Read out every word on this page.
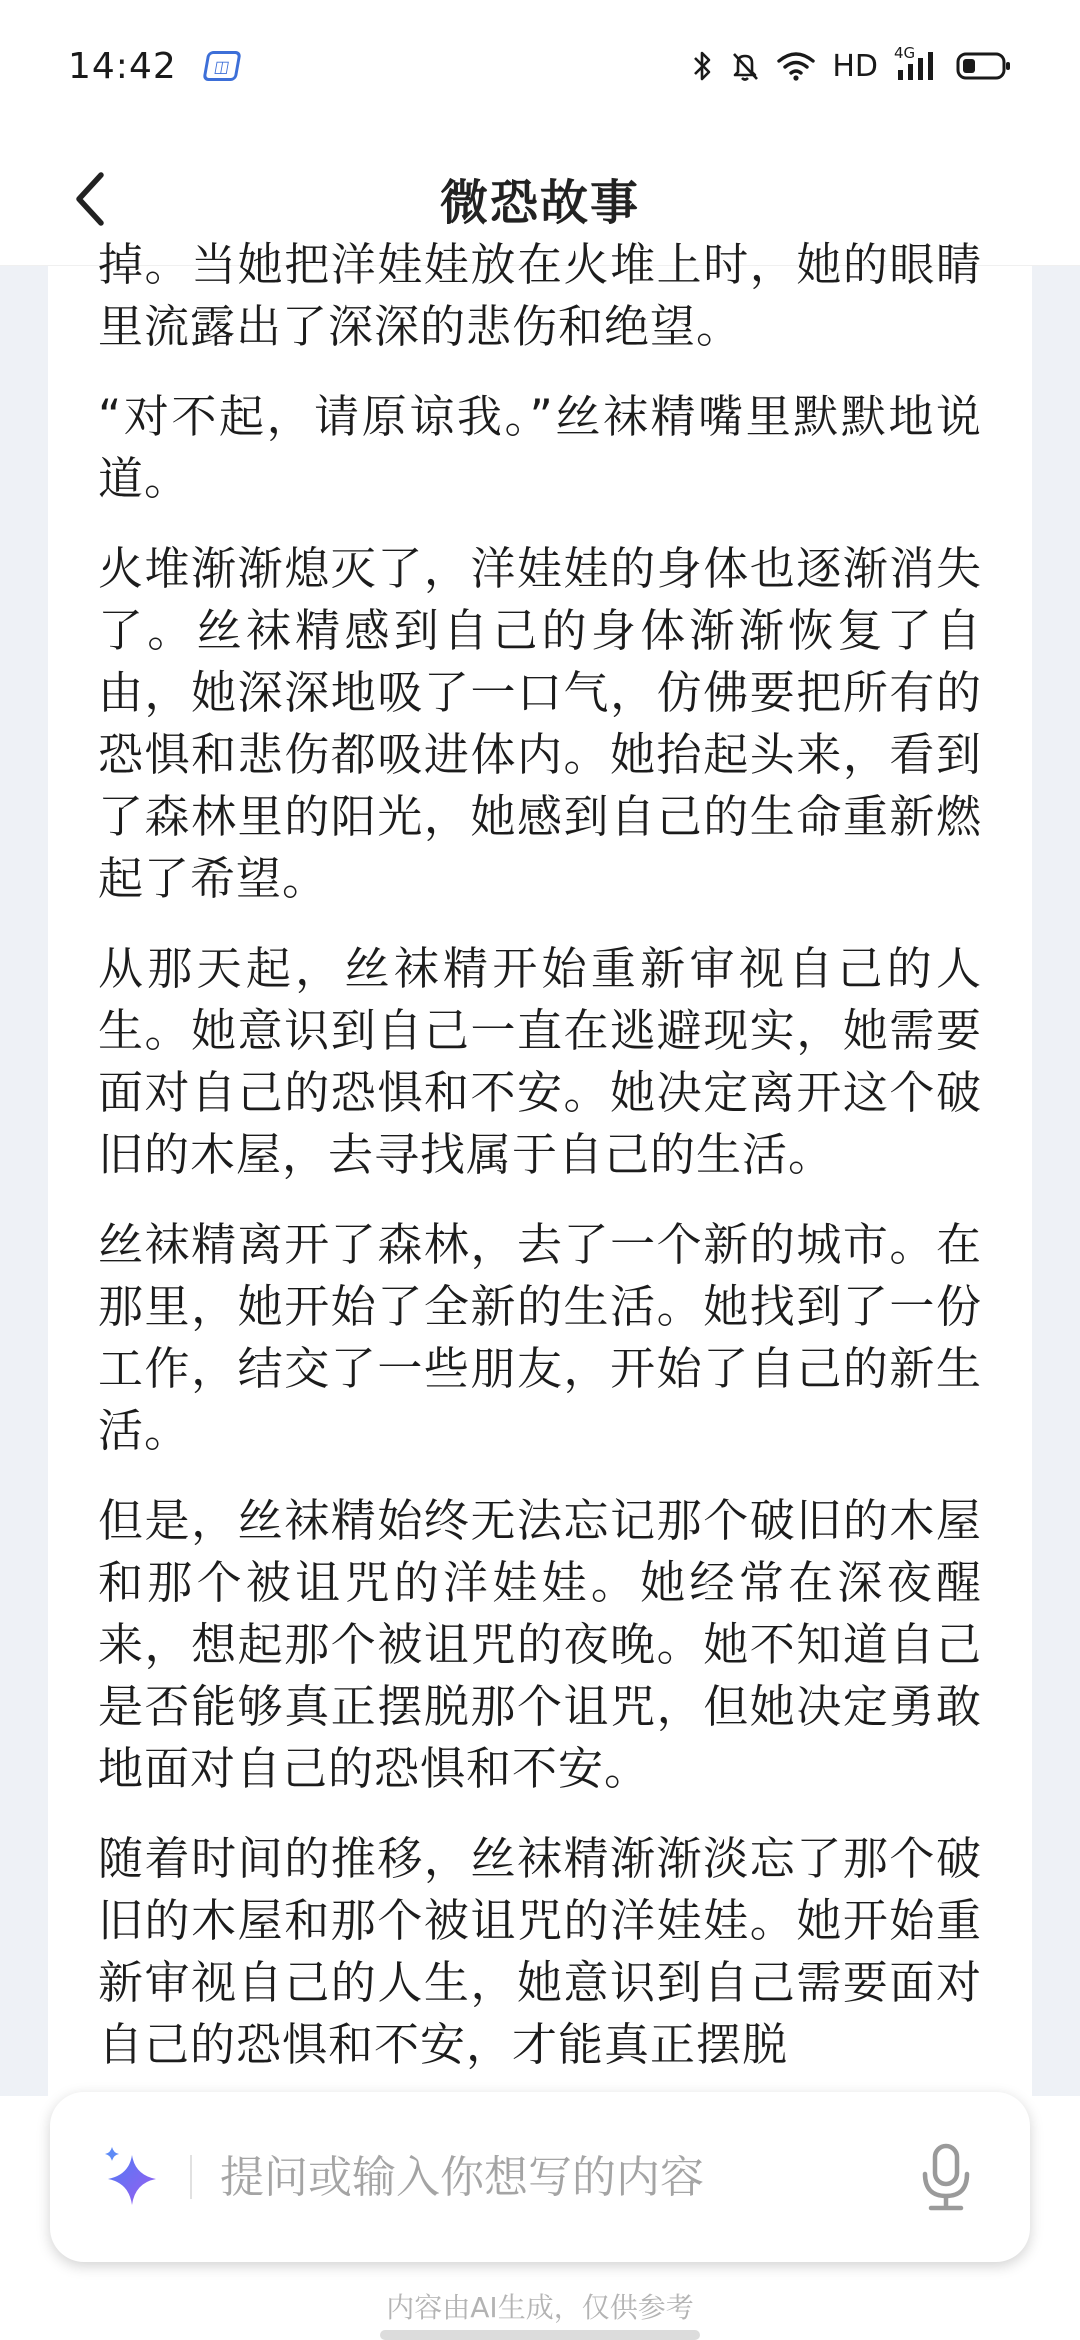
14:42	◫	HD 4G
微恐故事

掉。当她把洋娃娃放在火堆上时，她的眼睛里流露出了深深的悲伤和绝望。

“对不起，请原谅我。”丝袜精嘴里默默地说道。

火堆渐渐熄灭了，洋娃娃的身体也逐渐消失了。丝袜精感到自己的身体渐渐恢复了自由，她深深地吸了一口气，仿佛要把所有的恐惧和悲伤都吸进体内。她抬起头来，看到了森林里的阳光，她感到自己的生命重新燃起了希望。

从那天起，丝袜精开始重新审视自己的人生。她意识到自己一直在逃避现实，她需要面对自己的恐惧和不安。她决定离开这个破旧的木屋，去寻找属于自己的生活。

丝袜精离开了森林，去了一个新的城市。在那里，她开始了全新的生活。她找到了一份工作，结交了一些朋友，开始了自己的新生活。

但是，丝袜精始终无法忘记那个破旧的木屋和那个被诅咒的洋娃娃。她经常在深夜醒来，想起那个被诅咒的夜晚。她不知道自己是否能够真正摆脱那个诅咒，但她决定勇敢地面对自己的恐惧和不安。

随着时间的推移，丝袜精渐渐淡忘了那个破旧的木屋和那个被诅咒的洋娃娃。她开始重新审视自己的人生，她意识到自己需要面对自己的恐惧和不安，才能真正摆脱

提问或输入你想写的内容
内容由AI生成，仅供参考
